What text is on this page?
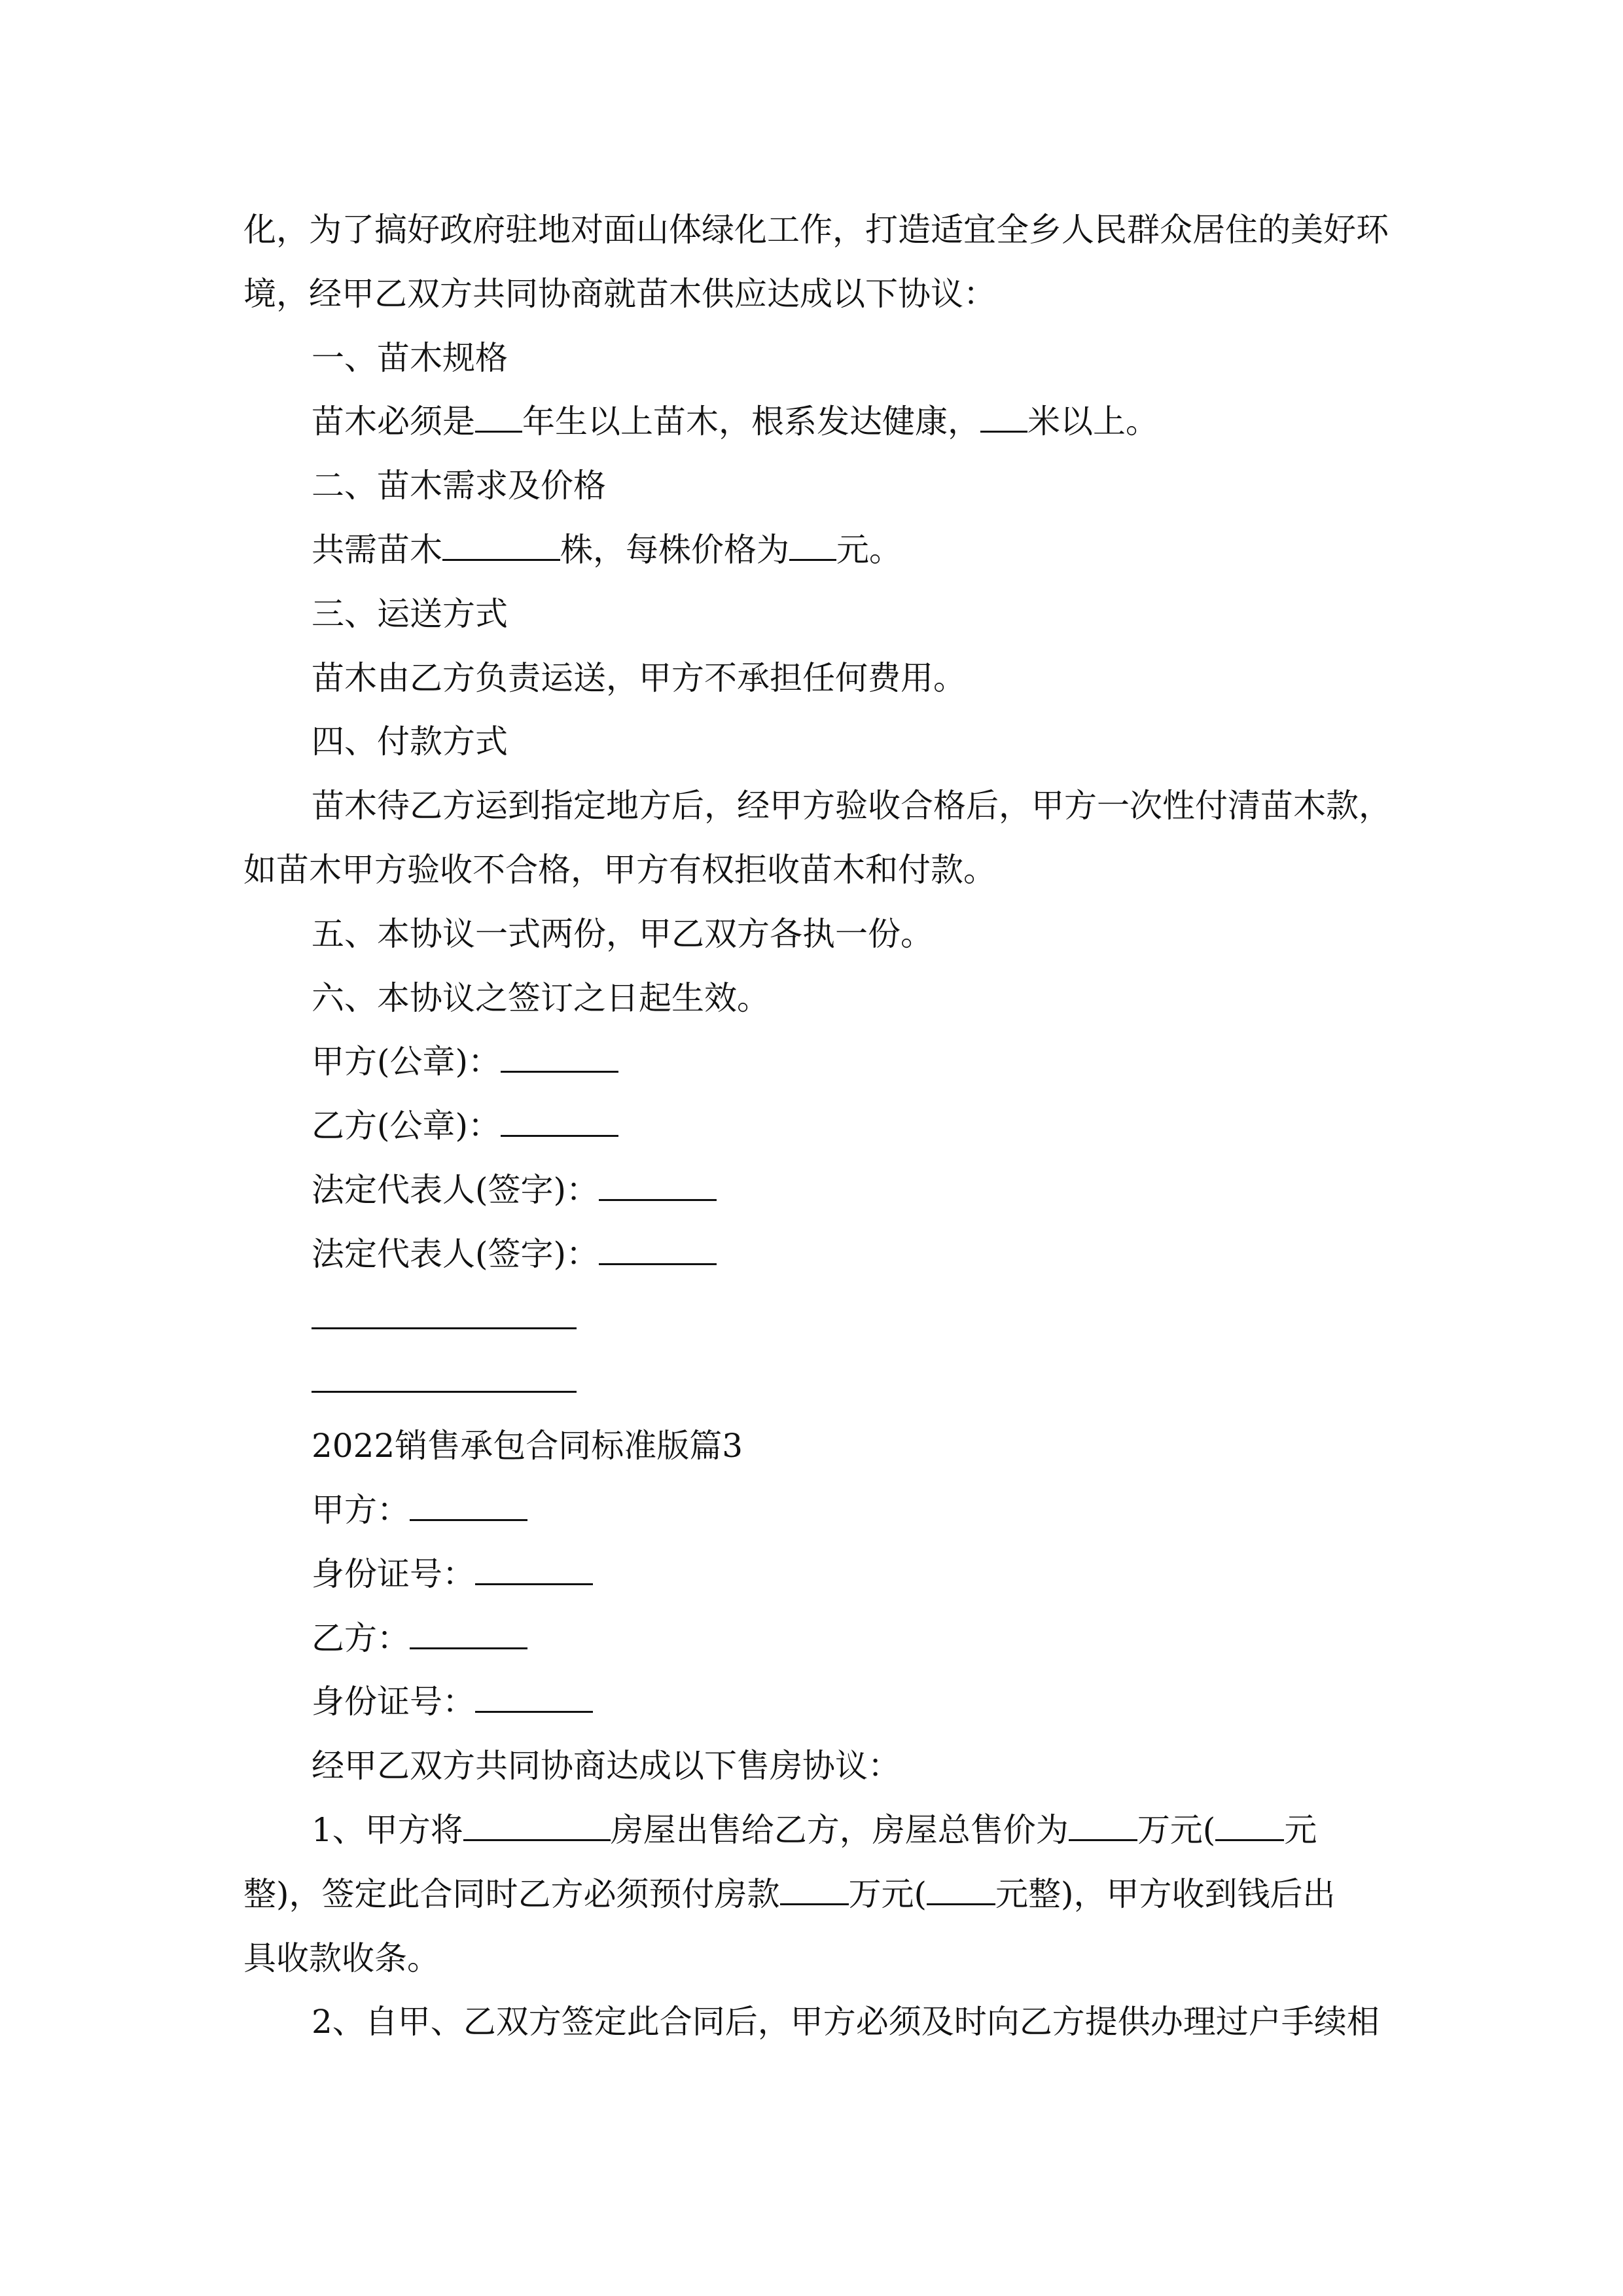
化，为了搞好政府驻地对面山体绿化工作，打造适宜全乡人民群众居住的美好环

境，经甲乙双方共同协商就苗木供应达成以下协议：

一、苗木规格

苗木必须是 年生以上苗木，根系发达健康， 米以上。

二、苗木需求及价格

共需苗木	株，每株价格为 元。

三、运送方式

苗木由乙方负责运送，甲方不承担任何费用。

四、付款方式

苗木待乙方运到指定地方后，经甲方验收合格后，甲方一次性付清苗木款，

如苗木甲方验收不合格，甲方有权拒收苗木和付款。

五、本协议一式两份，甲乙双方各执一份。

六、本协议之签订之日起生效。

甲方(公章)：

乙方(公章)：

法定代表人(签字)：

法定代表人(签字)：

2022销售承包合同标准版篇3

甲方：

身份证号：

乙方：

身份证号：

经甲乙双方共同协商达成以下售房协议：

1、甲方将	房屋出售给乙方，房屋总售价为 万元( 元

整)，签定此合同时乙方必须预付房款 万元( 元整)，甲方收到钱后出

具收款收条。

2、自甲、乙双方签定此合同后，甲方必须及时向乙方提供办理过户手续相
